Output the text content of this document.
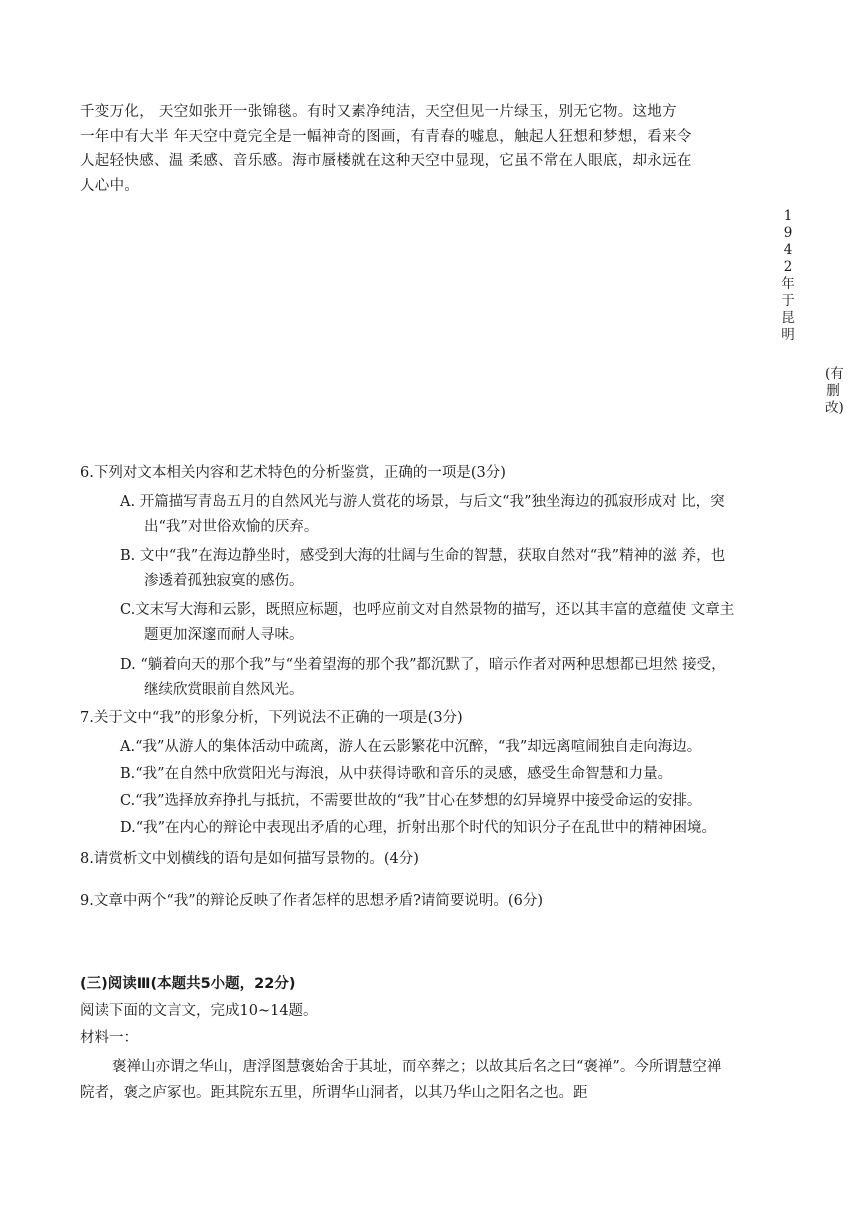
千变万化， 天空如张开一张锦毯。有时又素净纯洁，天空但见一片绿玉，别无它物。这地方
一年中有大半 年天空中竟完全是一幅神奇的图画，有青春的嘘息，触起人狂想和梦想，看来令
人起轻快感、温 柔感、音乐感。海市蜃楼就在这种天空中显现，它虽不常在人眼底，却永远在
人心中。
1942年于昆明
(有删改)
6.下列对文本相关内容和艺术特色的分析鉴赏，正确的一项是(3分)
A. 开篇描写青岛五月的自然风光与游人赏花的场景，与后文“我”独坐海边的孤寂形成对 比，突出“我”对世俗欢愉的厌弃。
B. 文中“我”在海边静坐时，感受到大海的壮阔与生命的智慧，获取自然对“我”精神的滋 养，也渗透着孤独寂寞的感伤。
C.文末写大海和云影，既照应标题，也呼应前文对自然景物的描写，还以其丰富的意蕴使 文章主题更加深邃而耐人寻味。
D. “躺着向天的那个我”与“坐着望海的那个我”都沉默了，暗示作者对两种思想都已坦然 接受，继续欣赏眼前自然风光。
7.关于文中“我”的形象分析，下列说法不正确的一项是(3分)
A.“我”从游人的集体活动中疏离，游人在云影繁花中沉醉，“我”却远离喧闹独自走向海边。
B.“我”在自然中欣赏阳光与海浪，从中获得诗歌和音乐的灵感，感受生命智慧和力量。
C.“我”选择放弃挣扎与抵抗，不需要世故的“我”甘心在梦想的幻异境界中接受命运的安排。
D.“我”在内心的辩论中表现出矛盾的心理，折射出那个时代的知识分子在乱世中的精神困境。
8.请赏析文中划横线的语句是如何描写景物的。(4分)
9.文章中两个“我”的辩论反映了作者怎样的思想矛盾?请简要说明。(6分)
(三)阅读Ⅲ(本题共5小题，22分)
阅读下面的文言文，完成10~14题。
材料一：
褒禅山亦谓之华山，唐浮图慧褒始舍于其址，而卒葬之；以故其后名之曰“褒禅”。今所谓慧空禅院者，褒之庐冢也。距其院东五里，所谓华山洞者，以其乃华山之阳名之也。距
